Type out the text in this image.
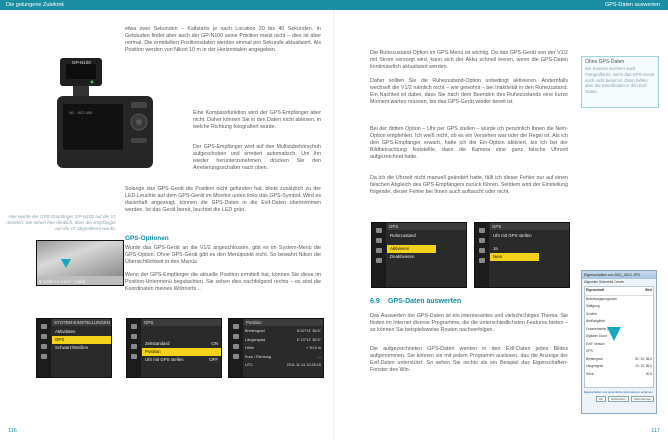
Die gelungene Zutekmk	GPS-Daten auswerten
GP-N100
N1 · ISO 400
Hier wurde der GPS-Empfänger GP-N100 auf die V1 montiert. Sie sehen hier deutlich, dass der Empfänger auf die V1 abgestimmt wurde.
⚲ 1/250 F4 ◁ 0.0 ⁽ ⁾ [ 584]
etwa zwei Sekunden – Kaltstarts je nach Location 20 bis 40 Sekunden. In Gebäuden findet aber auch der GP-N100 seine Position meist nicht – dies ist aber normal. Die ermittelten Positionsdaten werden einmal pro Sekunde aktualisiert. Als Position werden von Nikon 10 m in der Horizontalen angegeben.
Eine Kompassfunktion wird der GPS-Empfänger aber nicht. Daher können Sie in den Daten nicht ablesen, in welche Richtung fotografiert wurde.
Der GPS-Empfänger wird auf den Multizubehörschuh aufgeschoben und arretiert automatisch. Um ihn wieder herunterzunehmen, drücken Sie den Arretierungsschalter nach oben.
Solange das GPS-Gerät die Position nicht gefunden hat, blinkt zusätzlich zu der LED-Leuchte auf dem GPS-Gerät im Monitor unten links das GPS-Symbol. Wird es dauerhaft angezeigt, können die GPS-Daten in die Exif-Daten übernommen werden. Ist das Gerät bereit, leuchtet die LED grün.
GPS-Optionen
Wurde das GPS-Gerät an die V1/2 angeschlossen, gibt es im System-Menü die GPS-Option. Ohne GPS-Gerät gibt es den Menüpunkt nicht. So bewahrt Nikon die Übersichtlichkeit in den Menüs.
Wenn der GPS-Empfänger die aktuelle Position ermittelt hat, können Sie diese im Position-Untermenü begutachten. Sie sehen dies nachfolgend rechts – es sind die Koordinaten meines Wohnorts ...
SYSTEM-EINSTELLUNGEN
Aktivdaten
GPS
Schwarz/Weißen
GPS
Zeitstandard	ON
Position
Uhr mit GPS stellen	OFF
Position
Breitengrad	N 52°24' 36.5"
Längengrad	E 13°12' 36.5"
Höhe	+ 30,5 m
Kurs / Richtung	---
UTC	2011.11.14 12:25:16
116
Die Ruhezustand-Option im GPS-Menü ist wichtig. Da das GPS-Gerät von der V1/2 mit Strom versorgt wird, kann sich der Akku schnell leeren, wenn die GPS-Daten kontinuierlich aktualisiert werden.
Daher sollten Sie die Ruhezustand-Option unbedingt aktivieren. Andernfalls wechselt die V1/2 nämlich nicht – wie gewohnt – bei Inaktivität in den Ruhezustand. Ein Nachteil ist dabei, dass Sie nach dem Beenden des Ruhezustands eine kurze Moment warten müssen, bis das GPS-Gerät wieder bereit ist.
Bei der dritten Option – Uhr per GPS stellen – würde ich persönlich Ihnen die Nein-Option empfehlen. Ich weiß nicht, ob es ein Versehen war oder die Regel ist. Als ich den GPS-Empfänger erwarb, hatte ich die Ein-Option aktiviert, bis ich bei der Bildbetrachtung feststellte, dass die Kamera eine ganz falsche Uhrzeit aufgezeichnet hatte.
Da ich die Uhrzeit nicht manuell geändert hatte, fällt ich dieser Fehler nur auf einen falschen Abgleich des GPS-Empfängers zurück führen. Seitdem wird der Einstellung folgende, dieser Fehler bei Ihnen auch auftaucht oder nicht.
Ohne GPS-Daten
Die Kamera zeichnet auch Fotografieren, wenn das GPS-Gerät noch nicht bereit ist. Dann fehlen aber die Koordinaten in den Exif-Daten.
GPS
Ruhezustand
Aktivieren
Deaktivieren
GPS
Uhr mit GPS stellen
Ja
Nein
6.9 GPS-Daten auswerten
Das Auswerten der GPS-Daten ist ein interessantes und vielschichtiges Thema. Sie finden im Internet diverse Programme, die die unterschiedlichsten Features bieten – so können Sie beispielsweise Routen nachverfolgen.
Die aufgezeichneten GPS-Daten werden in den Exif-Daten jedes Bildes aufgenommen. Sie können sie mit jedem Programm auslesen, das die Anzeige der Exif-Daten unterstützt. So sehen Sie rechts als ein Beispiel das Eigenschaften-Fenster des Win-
Eigenschaften von DSC_0021.JPG
Allgemein Sicherheit Details
Eigenschaft	Wert
Belichtungsprogramm
Sättigung
Schärfe
Weißabgleich
Fotometrische Interpr.
Digitaler Zoom
EXIF-Version
GPS
Breitengrad	52; 24; 36,5
Längengrad	13; 12; 36,5
Höhe	30,5
Eigenschaften und persönliche Informationen entfernen
OK	Abbrechen	Übernehmen
117
